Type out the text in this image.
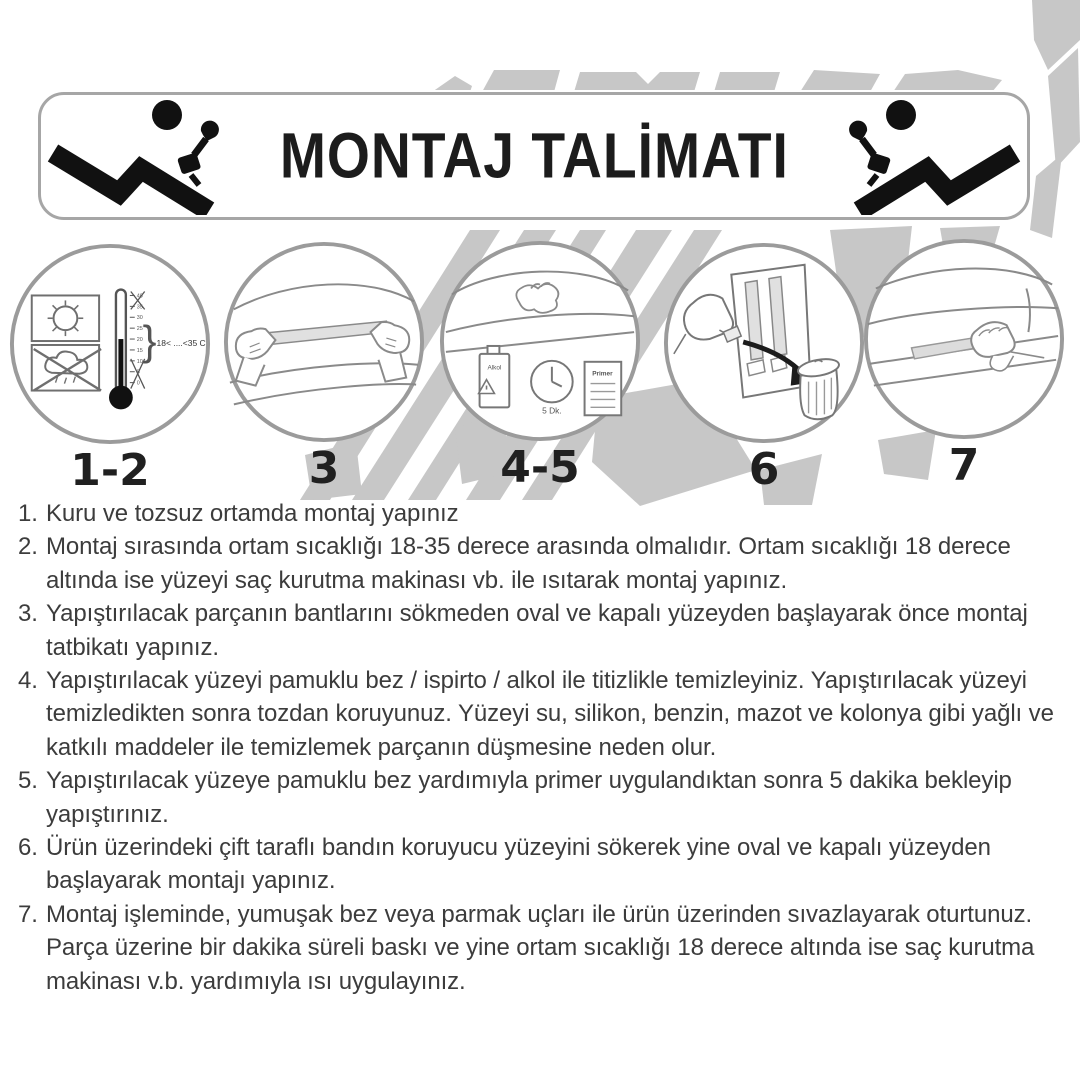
MONTAJ TALİMATI
40
35
30
25
20
15
10
0
} 18< ....<35 C
1-2	3
Alkol
5 Dk.
Primer
4-5	6	7
1. Kuru ve tozsuz ortamda montaj yapınız
2. Montaj sırasında ortam sıcaklığı 18-35 derece arasında olmalıdır. Ortam sıcaklığı 18 derece altında ise yüzeyi saç kurutma makinası vb. ile ısıtarak montaj yapınız.
3. Yapıştırılacak parçanın bantlarını sökmeden oval ve kapalı yüzeyden başlayarak önce montaj tatbikatı yapınız.
4. Yapıştırılacak yüzeyi pamuklu bez / ispirto / alkol ile titizlikle temizleyiniz. Yapıştırılacak yüzeyi temizledikten sonra tozdan koruyunuz. Yüzeyi su, silikon, benzin, mazot ve kolonya gibi yağlı ve katkılı maddeler ile temizlemek parçanın düşmesine neden olur.
5. Yapıştırılacak yüzeye pamuklu bez yardımıyla primer uygulandıktan sonra 5 dakika bekleyip yapıştırınız.
6. Ürün üzerindeki çift taraflı bandın koruyucu yüzeyini sökerek yine oval ve kapalı yüzeyden başlayarak montajı yapınız.
7. Montaj işleminde, yumuşak bez veya parmak uçları ile ürün üzerinden sıvazlayarak oturtunuz. Parça üzerine bir dakika süreli baskı ve yine ortam sıcaklığı 18 derece altında ise saç kurutma makinası v.b. yardımıyla ısı uygulayınız.
